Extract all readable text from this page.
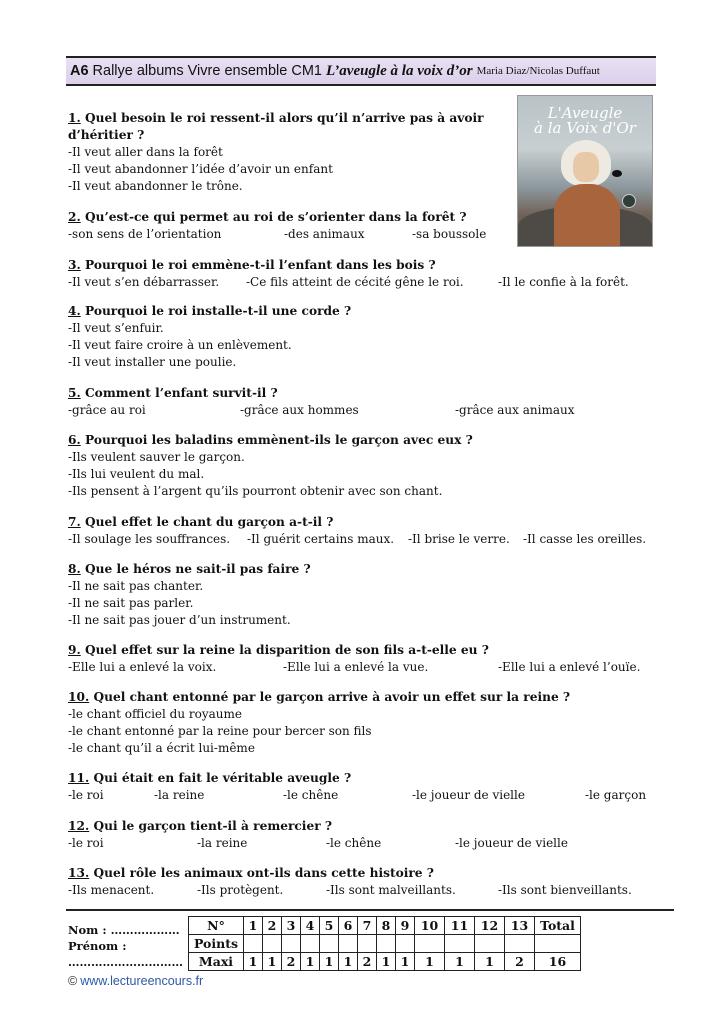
A6 Rallye albums Vivre ensemble CM1 L’aveugle à la voix d’or Maria Diaz/Nicolas Duffaut
L'Aveugle
à la Voix d'Or
1. Quel besoin le roi ressent-il alors qu’il n’arrive pas à avoir
d’héritier ?
-Il veut aller dans la forêt
-Il veut abandonner l’idée d’avoir un enfant
-Il veut abandonner le trône.
2. Qu’est-ce qui permet au roi de s’orienter dans la forêt ?
-son sens de l’orientation	-des animaux	-sa boussole
3. Pourquoi le roi emmène-t-il l’enfant dans les bois ?
-Il veut s’en débarrasser. -Ce fils atteint de cécité gêne le roi.	-Il le confie à la forêt.
4. Pourquoi le roi installe-t-il une corde ?
-Il veut s’enfuir.
-Il veut faire croire à un enlèvement.
-Il veut installer une poulie.
5. Comment l’enfant survit-il ?
-grâce au roi	-grâce aux hommes	-grâce aux animaux
6. Pourquoi les baladins emmènent-ils le garçon avec eux ?
-Ils veulent sauver le garçon.
-Ils lui veulent du mal.
-Ils pensent à l’argent qu’ils pourront obtenir avec son chant.
7. Quel effet le chant du garçon a-t-il ?
-Il soulage les souffrances. -Il guérit certains maux. -Il brise le verre. -Il casse les oreilles.
8. Que le héros ne sait-il pas faire ?
-Il ne sait pas chanter.
-Il ne sait pas parler.
-Il ne sait pas jouer d’un instrument.
9. Quel effet sur la reine la disparition de son fils a-t-elle eu ?
-Elle lui a enlevé la voix.	-Elle lui a enlevé la vue.	-Elle lui a enlevé l’ouïe.
10. Quel chant entonné par le garçon arrive à avoir un effet sur la reine ?
-le chant officiel du royaume
-le chant entonné par la reine pour bercer son fils
-le chant qu’il a écrit lui-même
11. Qui était en fait le véritable aveugle ?
-le roi	-la reine	-le chêne	-le joueur de vielle	-le garçon
12. Qui le garçon tient-il à remercier ?
-le roi	-la reine	-le chêne	-le joueur de vielle
13. Quel rôle les animaux ont-ils dans cette histoire ?
-Ils menacent.	-Ils protègent.	-Ils sont malveillants.	-Ils sont bienveillants.
Nom : ………………
Prénom :
…………………………
N°	1	2	3	4	5	6	7	8	9	10	11	12	13	Total
Points														
Maxi	1	1	2	1	1	1	2	1	1	1	1	1	2	16
© www.lectureencours.fr
